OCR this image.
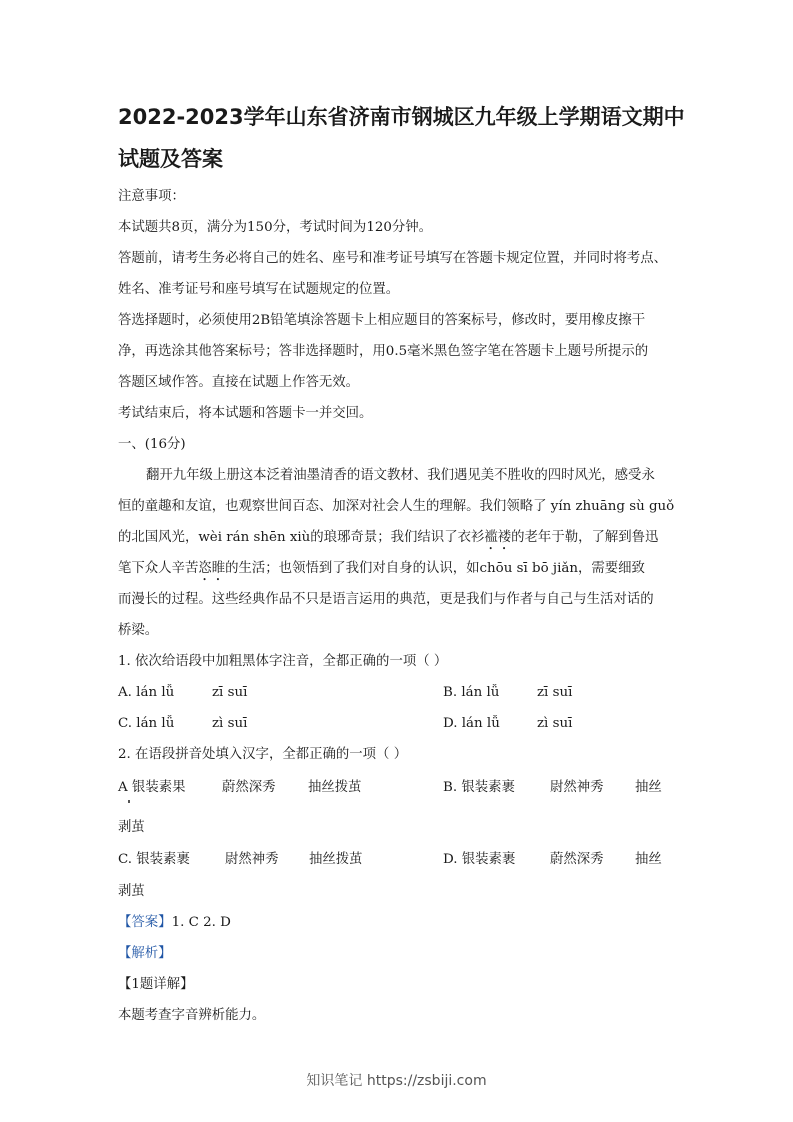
2022-2023学年山东省济南市钢城区九年级上学期语文期中
试题及答案
注意事项：
本试题共8页，满分为150分，考试时间为120分钟。
答题前，请考生务必将自己的姓名、座号和准考证号填写在答题卡规定位置，并同时将考点、
姓名、准考证号和座号填写在试题规定的位置。
答选择题时，必须使用2B铅笔填涂答题卡上相应题目的答案标号，修改时，要用橡皮擦干
净，再选涂其他答案标号；答非选择题时，用0.5毫米黑色签字笔在答题卡上题号所提示的
答题区域作答。直接在试题上作答无效。
考试结束后，将本试题和答题卡一并交回。
一、(16分)
翻开九年级上册这本泛着油墨清香的语文教材、我们遇见美不胜收的四时风光，感受永
恒的童趣和友谊，也观察世间百态、加深对社会人生的理解。我们领略了 yín zhuāng sù guǒ
的北国风光，wèi rán shēn xiù的琅琊奇景；我们结识了衣衫褴褛的老年于勒，了解到鲁迅
笔下众人辛苦恣睢的生活；也领悟到了我们对自身的认识，如chōu sī bō jiǎn，需要细致
而漫长的过程。这些经典作品不只是语言运用的典范，更是我们与作者与自己与生活对话的
桥梁。
1. 依次给语段中加粗黑体字注音，全都正确的一项（ ）
A. lán lǚ	zī suī	B. lán lǚ	zī suī
C. lán lǚ	zì suī	D. lán lǚ	zì suī
2. 在语段拼音处填入汉字，全都正确的一项（ ）
A 银装素果	蔚然深秀 抽丝拨茧	B. 银装素裹	尉然神秀 抽丝
剥茧
C. 银装素裹	尉然神秀 抽丝拨茧	D. 银装素裹	蔚然深秀 抽丝
剥茧
【答案】1. C 2. D
【解析】
【1题详解】
本题考查字音辨析能力。
知识笔记 https://zsbiji.com
